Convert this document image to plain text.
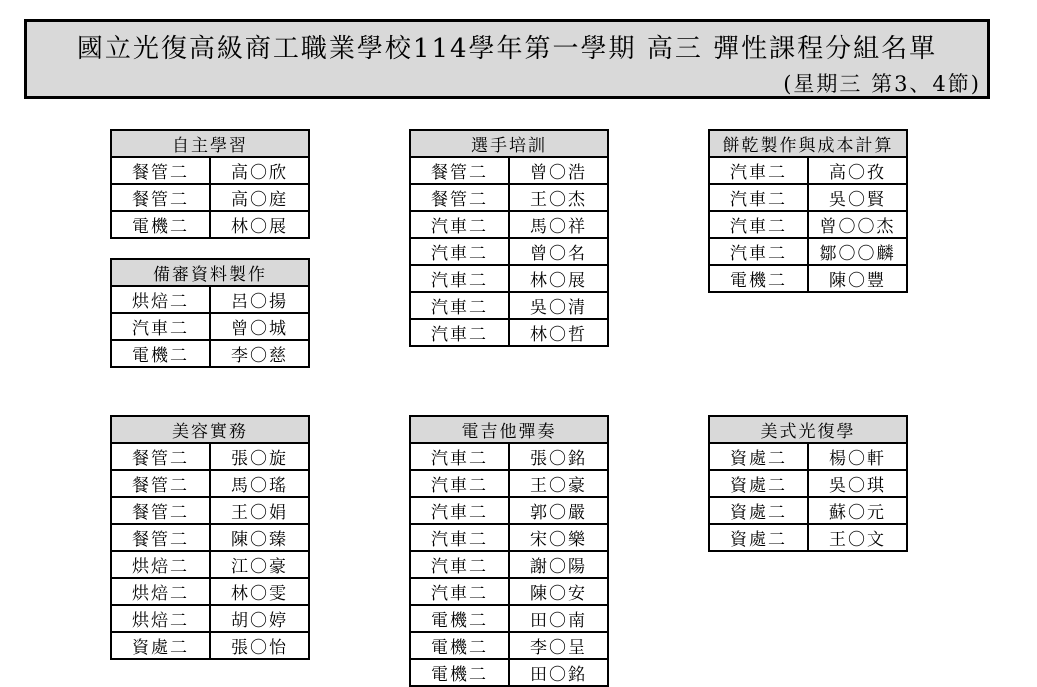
國立光復高級商工職業學校114學年第一學期 高三 彈性課程分組名單
(星期三 第3、4節)
自主學習	
餐管二	高〇欣
餐管二	高〇庭
電機二	林〇展
選手培訓	
餐管二	曾〇浩
餐管二	王〇杰
汽車二	馬〇祥
汽車二	曾〇名
汽車二	林〇展
汽車二	吳〇清
汽車二	林〇哲
餅乾製作與成本計算	
汽車二	高〇孜
汽車二	吳〇賢
汽車二	曾〇〇杰
汽車二	鄒〇〇麟
電機二	陳〇豐
備審資料製作	
烘焙二	呂〇揚
汽車二	曾〇城
電機二	李〇慈
美容實務	
餐管二	張〇旋
餐管二	馬〇瑤
餐管二	王〇娟
餐管二	陳〇臻
烘焙二	江〇豪
烘焙二	林〇雯
烘焙二	胡〇婷
資處二	張〇怡
電吉他彈奏	
汽車二	張〇銘
汽車二	王〇豪
汽車二	郭〇嚴
汽車二	宋〇樂
汽車二	謝〇陽
汽車二	陳〇安
電機二	田〇南
電機二	李〇呈
電機二	田〇銘
美式光復學	
資處二	楊〇軒
資處二	吳〇琪
資處二	蘇〇元
資處二	王〇文
